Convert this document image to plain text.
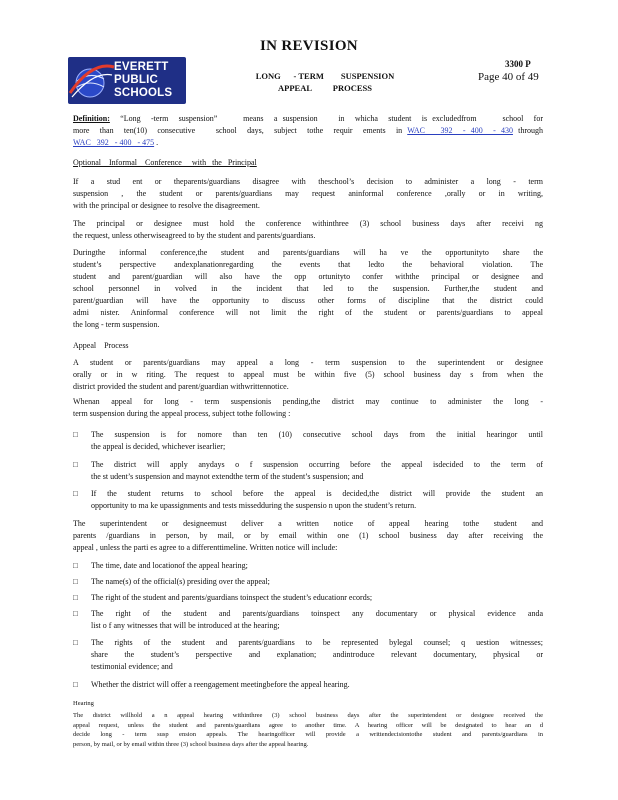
IN REVISION
3300 P
Page 40 of 49
EVERETT
PUBLIC
SCHOOLS
LONG      - TERM        SUSPENSION
APPEAL          PROCESS
Definition:  “Long  -term  suspension”     means  a suspension    in  whicha  student  is excludedfrom     school  for
more  than  ten(10)  consecutive    school  days,  subject  tothe  requir  ements  in WAC   392  - 400  - 430 through
WAC   392   - 400   - 475 .
Optional    Informal    Conference     with   the   Principal
If a stud ent or theparents/guardians disagree with theschool’s decision to administer a long - term
suspension , the student or parents/guardians may request aninformal conference ,orally or in writing,
with the principal or designee to resolve the disagreement.
The principal or designee must hold the conference withinthree (3) school business days after receivi ng
the request, unless otherwiseagreed to by the student and parents/guardians.
Duringthe informal conference,the student and parents/guardians will ha ve the opportunityto share the
student’s perspective andexplanationregarding the events that ledto the behavioral violation. The
student and parent/guardian will also have the opp ortunityto confer withthe principal or designee and
school personnel in volved in the incident that led to the suspension. Further,the student and
parent/guardian will have the opportunity to discuss other forms of discipline that the district could
admi nister. Aninformal conference will not limit the right of the student or parents/guardians to appeal
the long - term suspension.
Appeal    Process
A student or parents/guardians may appeal a long - term suspension to the superintendent or designee
orally or in w riting. The request to appeal must be within five (5) school business day s from when the
district provided the student and parent/guardian withwrittennotice.
Whenan appeal for long - term suspensionis pending,the district may continue to administer the long -
term suspension during the appeal process, subject tothe following :
□	The suspension is for nomore than ten (10) consecutive school days from the initial hearingor until
the appeal is decided, whichever isearlier;
□	The district will apply anydays o f suspension occurring before the appeal isdecided to the term of
the st udent’s suspension and maynot extendthe term of the student’s suspension; and
□	If the student returns to school before the appeal is decided,the district will provide the student an
opportunity to ma ke upassignments and tests missedduring the suspensio n upon the student’s return.
The superintendent or designeemust deliver a written notice of appeal hearing tothe student and
parents /guardians in person, by mail, or by email within one (1) school business day after receiving the
appeal , unless the parti es agree to a differenttimeline. Written notice will include:
□	The time, date and locationof the appeal hearing;
□	The name(s) of the official(s) presiding over the appeal;
□	The right of the student and parents/guardians toinspect the student’s educationr ecords;
□	The right of the student and parents/guardians toinspect any documentary or physical evidence anda
list o f any witnesses that will be introduced at the hearing;
□	The rights of the student and parents/guardians to be represented bylegal counsel; q uestion witnesses;
share the student’s perspective and explanation; andintroduce relevant documentary, physical or
testimonial evidence; and
□	Whether the district will offer a reengagement meetingbefore the appeal hearing.
Hearing
The district willhold a n appeal hearing withinthree (3) school business days after the superintendent or designee received the
appeal request, unless the student and parents/guardians agree to another time. A hearing officer will be designated to hear an d
decide long - term susp ension appeals. The hearingofficer will provide a writtendecisiontothe student and parents/guardians in
person, by mail, or by email within three (3) school business days after the appeal hearing.
